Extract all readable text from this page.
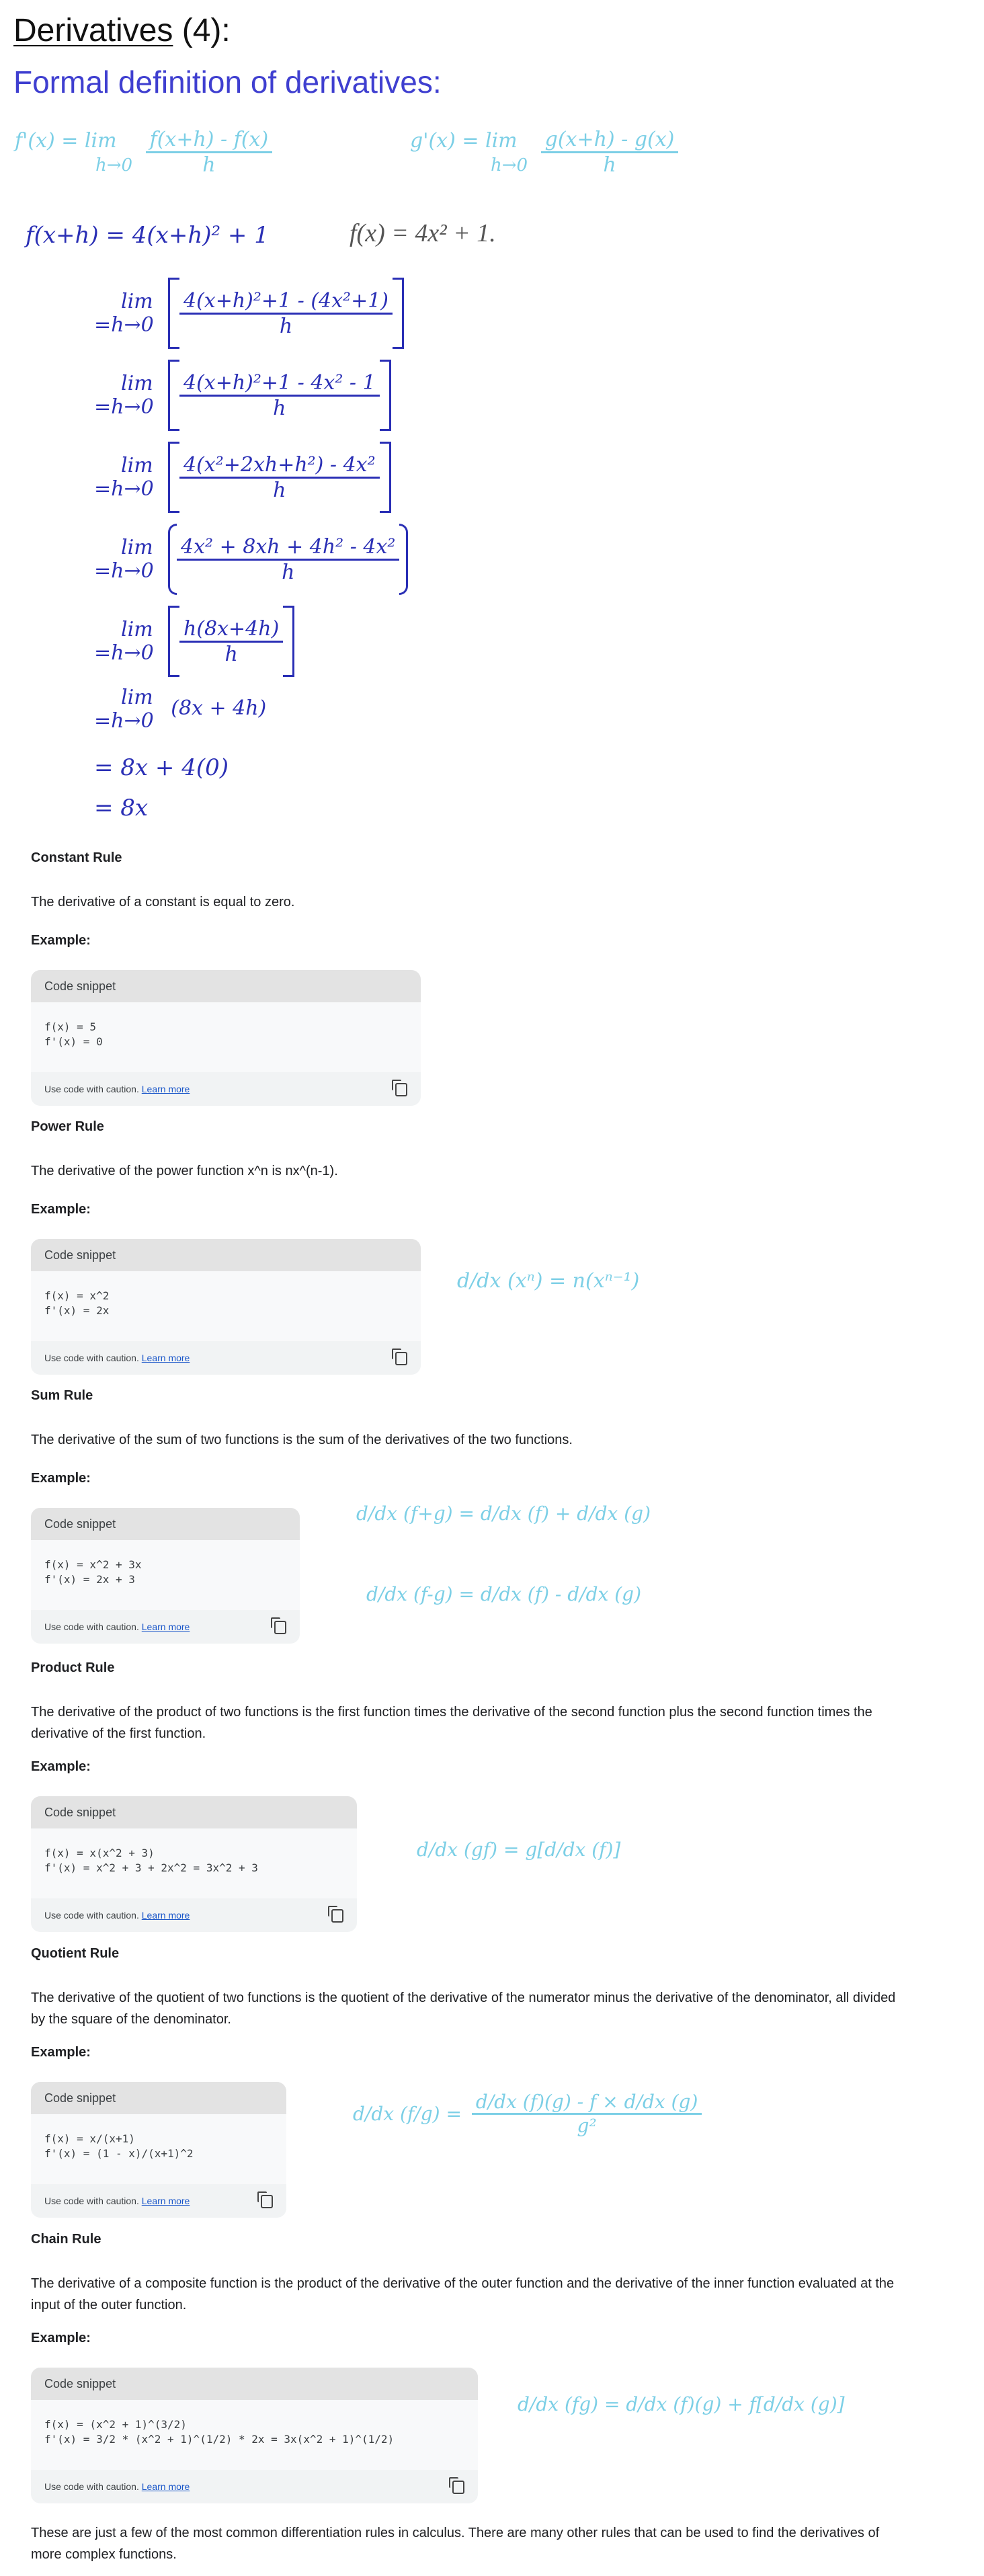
Derivatives (4):
Formal definition of derivatives:
f'(x) = lim
$h\to 0 \frac{f(x+h) - f(x)}{h}$	g'(x) = lim
$h\to 0 \frac{g(x+h) - g(x)}{h}$
f(x+h) = 4(x+h)² + 1	f(x) = 4x² + 1.
lim
=h→0	$\frac{\text{4(x+h)²+1 - (4x²+1)}}{h}$
lim
=h→0	$\frac{\text{4(x+h)²+1 - 4x² - 1}}{h}$
lim
=h→0	$\frac{\text{4(x²+2xh+h²) - 4x²}}{h}$
lim
=h→0	$\frac{\text{4x² + 8xh + 4h² - 4x²}}{h}$
lim
=h→0	$\frac{h(8x+4h)}{h}$
lim
=h→0 (8x + 4h)
= 8x + 4(0)
= 8x
Constant Rule
The derivative of a constant is equal to zero.
Example:
Code snippet
f(x) = 5
f'(x) = 0
Use code with caution. Learn more
Power Rule
The derivative of the power function x^n is nx^(n-1).
Example:
Code snippet
f(x) = x^2
f'(x) = 2x
Use code with caution. Learn more
Sum Rule
The derivative of the sum of two functions is the sum of the derivatives of the two functions.
Example:
Code snippet
f(x) = x^2 + 3x
f'(x) = 2x + 3
Use code with caution. Learn more
Product Rule
The derivative of the product of two functions is the first function times the derivative of the second function plus the second function times the derivative of the first function.
Example:
Code snippet
f(x) = x(x^2 + 3)
f'(x) = x^2 + 3 + 2x^2 = 3x^2 + 3
Use code with caution. Learn more
Quotient Rule
The derivative of the quotient of two functions is the quotient of the derivative of the numerator minus the derivative of the denominator, all divided by the square of the denominator.
Example:
Code snippet
f(x) = x/(x+1)
f'(x) = (1 - x)/(x+1)^2
Use code with caution. Learn more
Chain Rule
The derivative of a composite function is the product of the derivative of the outer function and the derivative of the inner function evaluated at the input of the outer function.
Example:
Code snippet
f(x) = (x^2 + 1)^(3/2)
f'(x) = 3/2 * (x^2 + 1)^(1/2) * 2x = 3x(x^2 + 1)^(1/2)
Use code with caution. Learn more
d/dx (xⁿ) = n(xⁿ⁻¹)
d/dx (f+g) = d/dx (f) + d/dx (g)
d/dx (f-g) = d/dx (f) - d/dx (g)
d/dx (gf) = g[d/dx (f)]
d/dx $(f/g) = \frac{d/dx (f)(g) - f \times d/dx (g)}{\text{g²}}$
d/dx (fg) = d/dx (f)(g) + f[d/dx (g)]
These are just a few of the most common differentiation rules in calculus. There are many other rules that can be used to find the derivatives of more complex functions.
